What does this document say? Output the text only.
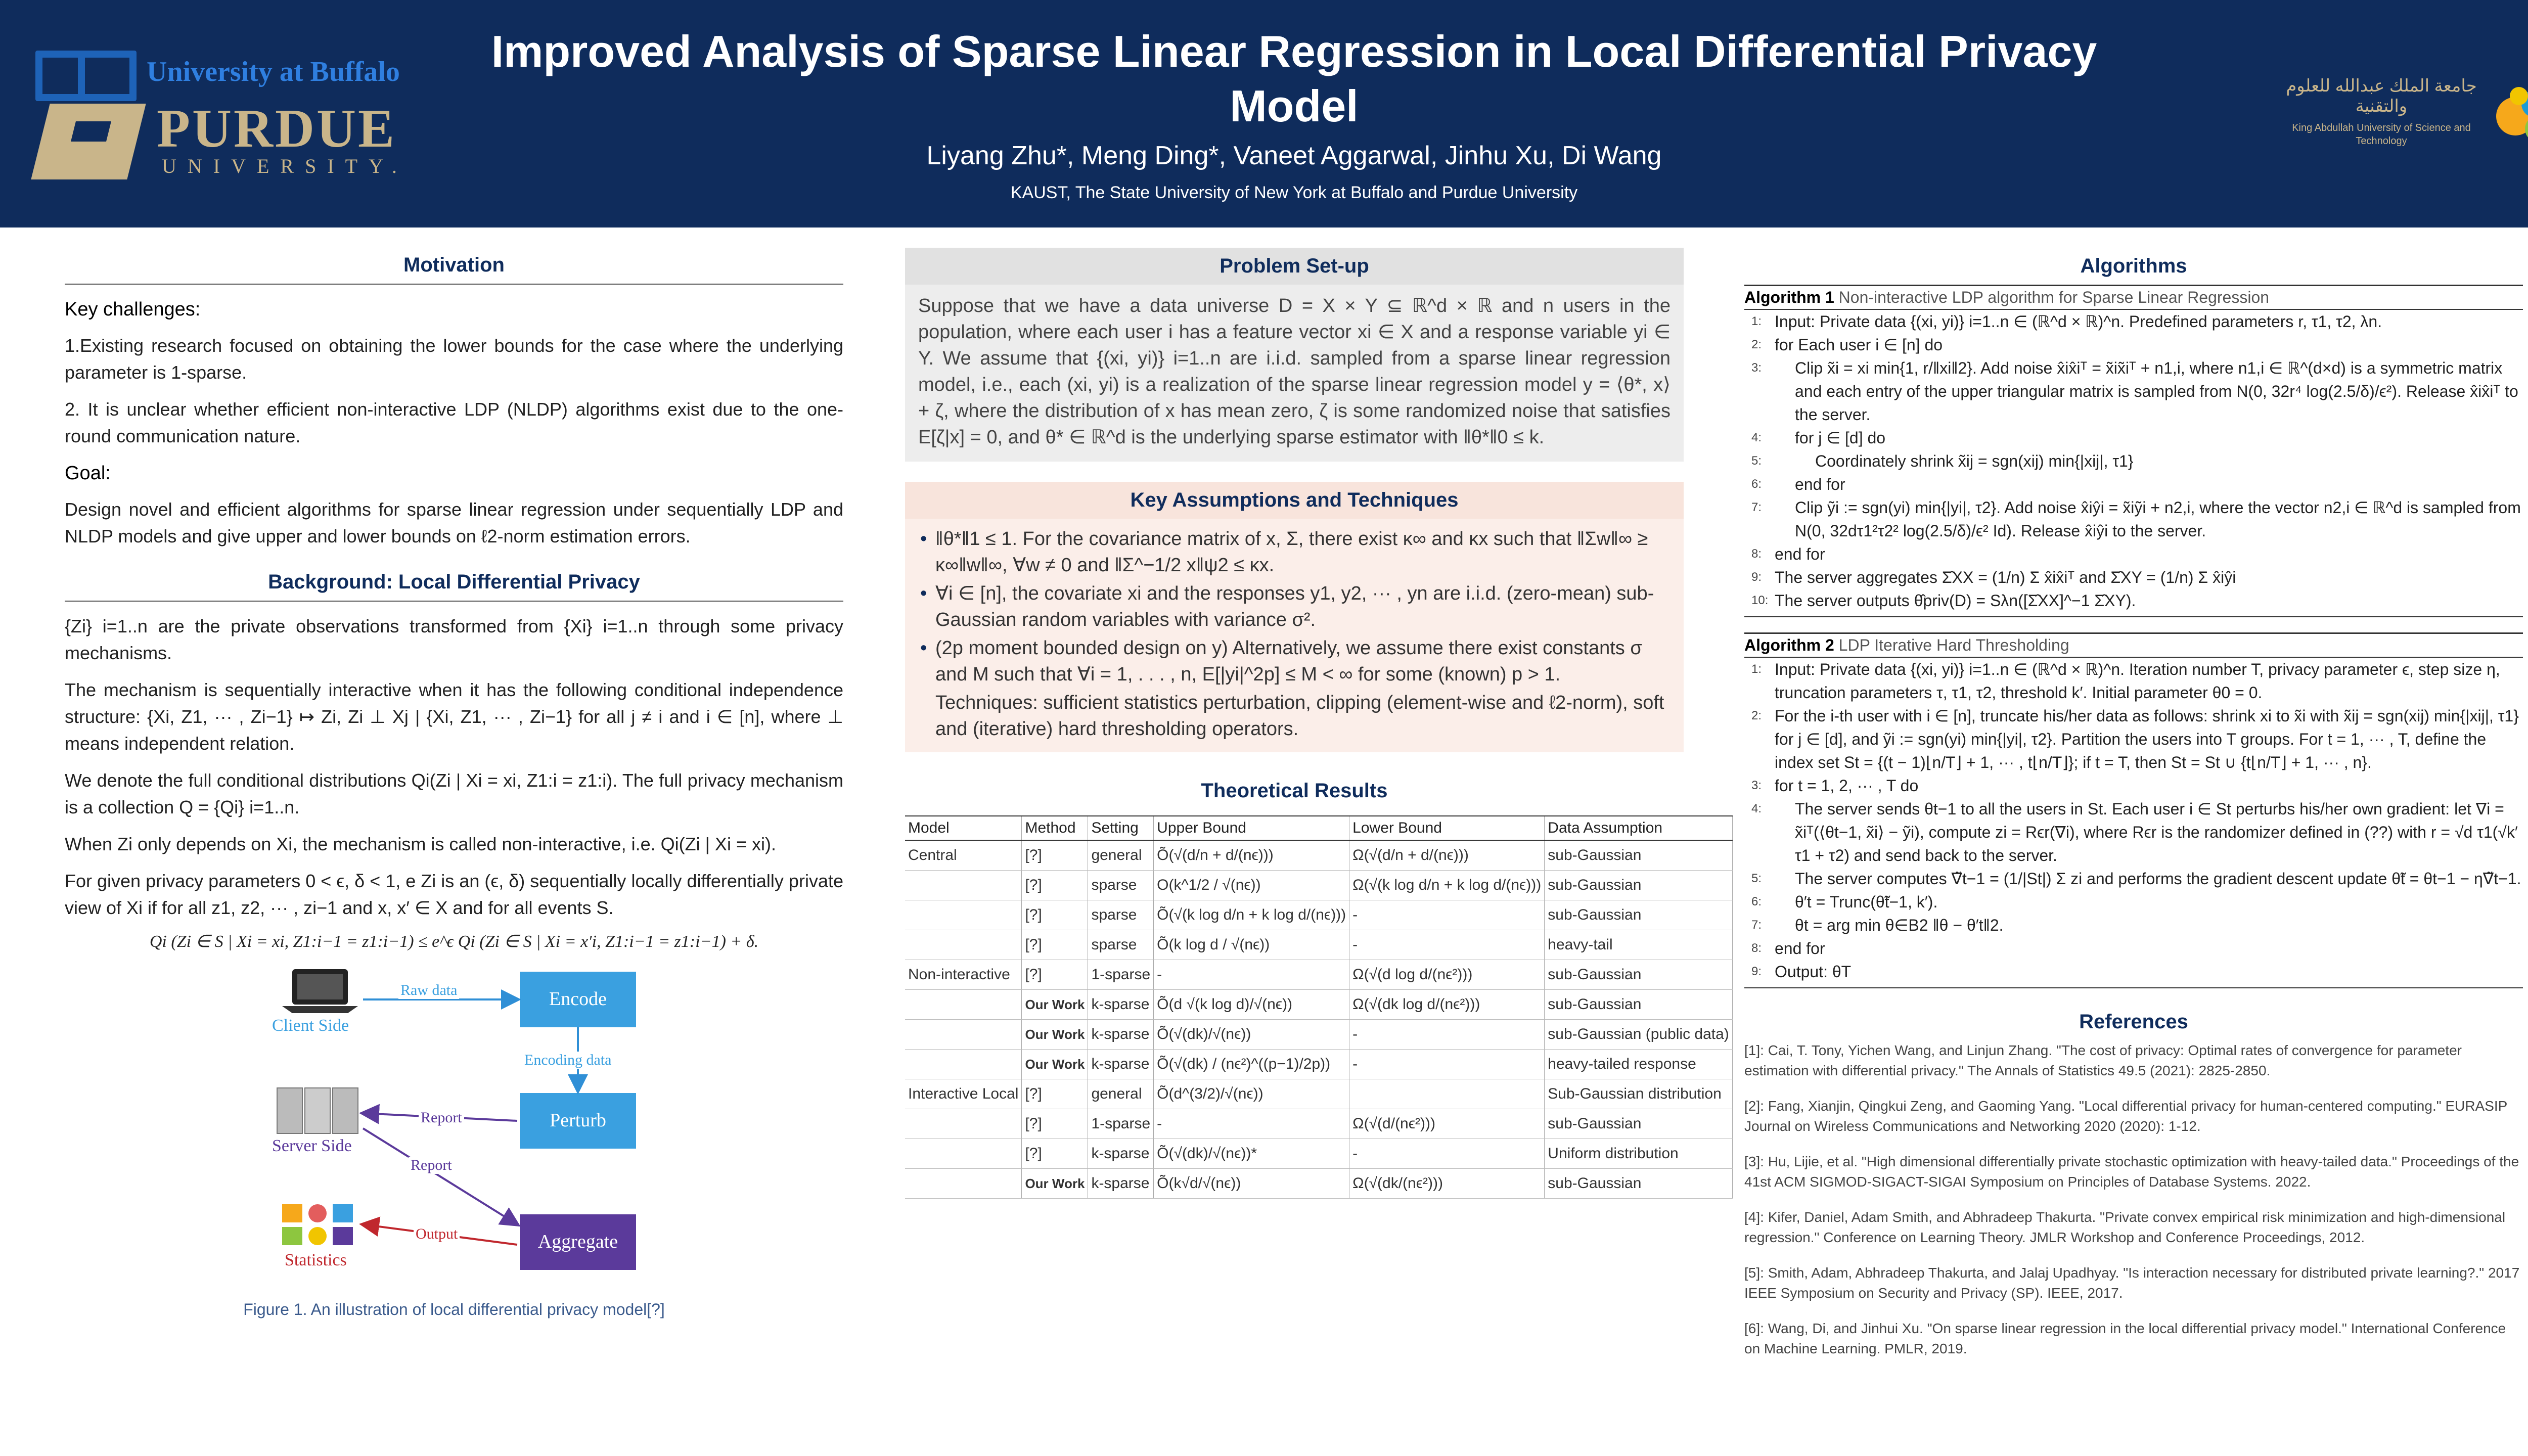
University at Buffalo
PURDUE
UNIVERSITY.
Improved Analysis of Sparse Linear Regression in Local Differential Privacy Model
Liyang Zhu*, Meng Ding*, Vaneet Aggarwal, Jinhu Xu, Di Wang
KAUST, The State University of New York at Buffalo and Purdue University
جامعة الملك عبدالله للعلوم والتقنية
King Abdullah University of Science and Technology
Motivation
Key challenges:
1.Existing research focused on obtaining the lower bounds for the case where the underlying parameter is 1-sparse.
2. It is unclear whether efficient non-interactive LDP (NLDP) algorithms exist due to the one-round communication nature.
Goal:
Design novel and efficient algorithms for sparse linear regression under sequentially LDP and NLDP models and give upper and lower bounds on ℓ2-norm estimation errors.
Background: Local Differential Privacy
{Zi} i=1..n are the private observations transformed from {Xi} i=1..n through some privacy mechanisms.
The mechanism is sequentially interactive when it has the following conditional independence structure: {Xi, Z1, ··· , Zi−1} ↦ Zi, Zi ⊥ Xj | {Xi, Z1, ··· , Zi−1} for all j ≠ i and i ∈ [n], where ⊥ means independent relation.
We denote the full conditional distributions Qi(Zi | Xi = xi, Z1:i = z1:i). The full privacy mechanism is a collection Q = {Qi} i=1..n.
When Zi only depends on Xi, the mechanism is called non-interactive, i.e. Qi(Zi | Xi = xi).
For given privacy parameters 0 < ϵ, δ < 1, e Zi is an (ϵ, δ) sequentially locally differentially private view of Xi if for all z1, z2, ··· , zi−1 and x, x′ ∈ X and for all events S.
Qi (Zi ∈ S | Xi = xi, Z1:i−1 = z1:i−1) ≤ e^ϵ Qi (Zi ∈ S | Xi = x′i, Z1:i−1 = z1:i−1) + δ.
Encode
Perturb
Aggregate
Client Side
Server Side
Statistics
Raw data
Encoding data
Report
Report
Output
Figure 1. An illustration of local differential privacy model[?]
Problem Set-up
Suppose that we have a data universe D = X × Y ⊆ ℝ^d × ℝ and n users in the population, where each user i has a feature vector xi ∈ X and a response variable yi ∈ Y. We assume that {(xi, yi)} i=1..n are i.i.d. sampled from a sparse linear regression model, i.e., each (xi, yi) is a realization of the sparse linear regression model y = ⟨θ*, x⟩ + ζ, where the distribution of x has mean zero, ζ is some randomized noise that satisfies E[ζ|x] = 0, and θ* ∈ ℝ^d is the underlying sparse estimator with ‖θ*‖0 ≤ k.
Key Assumptions and Techniques
• ‖θ*‖1 ≤ 1. For the covariance matrix of x, Σ, there exist κ∞ and κx such that ‖Σw‖∞ ≥ κ∞‖w‖∞, ∀w ≠ 0 and ‖Σ^−1/2 x‖ψ2 ≤ κx.
• ∀i ∈ [n], the covariate xi and the responses y1, y2, ··· , yn are i.i.d. (zero-mean) sub-Gaussian random variables with variance σ².
• (2p moment bounded design on y) Alternatively, we assume there exist constants σ and M such that ∀i = 1, . . . , n, E[|yi|^2p] ≤ M < ∞ for some (known) p > 1.
Techniques: sufficient statistics perturbation, clipping (element-wise and ℓ2-norm), soft and (iterative) hard thresholding operators.
Theoretical Results
Model	Method	Setting	Upper Bound	Lower Bound	Data Assumption
Central	[?]	general	Õ(√(d/n + d/(nϵ)))	Ω(√(d/n + d/(nϵ)))	sub-Gaussian
	[?]	sparse	O(k^1/2 / √(nϵ))	Ω(√(k log d/n + k log d/(nϵ)))	sub-Gaussian
	[?]	sparse	Õ(√(k log d/n + k log d/(nϵ)))	-	sub-Gaussian
	[?]	sparse	Õ(k log d / √(nϵ))	-	heavy-tail
Non-interactive	[?]	1-sparse	-	Ω(√(d log d/(nϵ²)))	sub-Gaussian
	Our Work	k-sparse	Õ(d √(k log d)/√(nϵ))	Ω(√(dk log d/(nϵ²)))	sub-Gaussian
	Our Work	k-sparse	Õ(√(dk)/√(nϵ))	-	sub-Gaussian (public data)
	Our Work	k-sparse	Õ(√(dk) / (nϵ²)^((p−1)/2p))	-	heavy-tailed response
Interactive Local	[?]	general	Õ(d^(3/2)/√(nϵ))		Sub-Gaussian distribution
	[?]	1-sparse	-	Ω(√(d/(nϵ²)))	sub-Gaussian
	[?]	k-sparse	Õ(√(dk)/√(nϵ))*	-	Uniform distribution
	Our Work	k-sparse	Õ(k√d/√(nϵ))	Ω(√(dk/(nϵ²)))	sub-Gaussian
Algorithms
Algorithm 1 Non-interactive LDP algorithm for Sparse Linear Regression
1: Input: Private data {(xi, yi)} i=1..n ∈ (ℝ^d × ℝ)^n. Predefined parameters r, τ1, τ2, λn.
2: for Each user i ∈ [n] do
3: Clip x̃i = xi min{1, r/‖xi‖2}. Add noise x̂ix̂iᵀ = x̃ix̃iᵀ + n1,i, where n1,i ∈ ℝ^(d×d) is a symmetric matrix and each entry of the upper triangular matrix is sampled from N(0, 32r⁴ log(2.5/δ)/ϵ²). Release x̂ix̂iᵀ to the server.
4: for j ∈ [d] do
5:	Coordinately shrink x̃ij = sgn(xij) min{|xij|, τ1}
6: end for
7: Clip ỹi := sgn(yi) min{|yi|, τ2}. Add noise x̂iŷi = x̃iỹi + n2,i, where the vector n2,i ∈ ℝ^d is sampled from N(0, 32dτ1²τ2² log(2.5/δ)/ϵ² Id). Release x̂iŷi to the server.
8: end for
9: The server aggregates Σ̂XX = (1/n) Σ x̂ix̂iᵀ and Σ̂XY = (1/n) Σ x̂iŷi
10: The server outputs θ̂priv(D) = Sλn([Σ̂XX]^−1 Σ̂XY).
Algorithm 2 LDP Iterative Hard Thresholding
1: Input: Private data {(xi, yi)} i=1..n ∈ (ℝ^d × ℝ)^n. Iteration number T, privacy parameter ϵ, step size η, truncation parameters τ, τ1, τ2, threshold k′. Initial parameter θ0 = 0.
2: For the i-th user with i ∈ [n], truncate his/her data as follows: shrink xi to x̃i with x̃ij = sgn(xij) min{|xij|, τ1} for j ∈ [d], and ỹi := sgn(yi) min{|yi|, τ2}. Partition the users into T groups. For t = 1, ··· , T, define the index set St = {(t − 1)⌊n/T⌋ + 1, ··· , t⌊n/T⌋}; if t = T, then St = St ∪ {t⌊n/T⌋ + 1, ··· , n}.
3: for t = 1, 2, ··· , T do
4: The server sends θt−1 to all the users in St. Each user i ∈ St perturbs his/her own gradient: let ∇i = x̃iᵀ(⟨θt−1, x̃i⟩ − ỹi), compute zi = Rϵr(∇i), where Rϵr is the randomizer defined in (??) with r = √d τ1(√k′ τ1 + τ2) and send back to the server.
5: The server computes ∇̃t−1 = (1/|St|) Σ zi and performs the gradient descent update θ̃t = θt−1 − η∇̃t−1.
6: θ′t = Trunc(θ̃t−1, k′).
7: θt = arg min θ∈B2 ‖θ − θ′t‖2.
8: end for
9: Output: θT
References
[1]: Cai, T. Tony, Yichen Wang, and Linjun Zhang. "The cost of privacy: Optimal rates of convergence for parameter estimation with differential privacy." The Annals of Statistics 49.5 (2021): 2825-2850.
[2]: Fang, Xianjin, Qingkui Zeng, and Gaoming Yang. "Local differential privacy for human-centered computing." EURASIP Journal on Wireless Communications and Networking 2020 (2020): 1-12.
[3]: Hu, Lijie, et al. "High dimensional differentially private stochastic optimization with heavy-tailed data." Proceedings of the 41st ACM SIGMOD-SIGACT-SIGAI Symposium on Principles of Database Systems. 2022.
[4]: Kifer, Daniel, Adam Smith, and Abhradeep Thakurta. "Private convex empirical risk minimization and high-dimensional regression." Conference on Learning Theory. JMLR Workshop and Conference Proceedings, 2012.
[5]: Smith, Adam, Abhradeep Thakurta, and Jalaj Upadhyay. "Is interaction necessary for distributed private learning?." 2017 IEEE Symposium on Security and Privacy (SP). IEEE, 2017.
[6]: Wang, Di, and Jinhui Xu. "On sparse linear regression in the local differential privacy model." International Conference on Machine Learning. PMLR, 2019.
